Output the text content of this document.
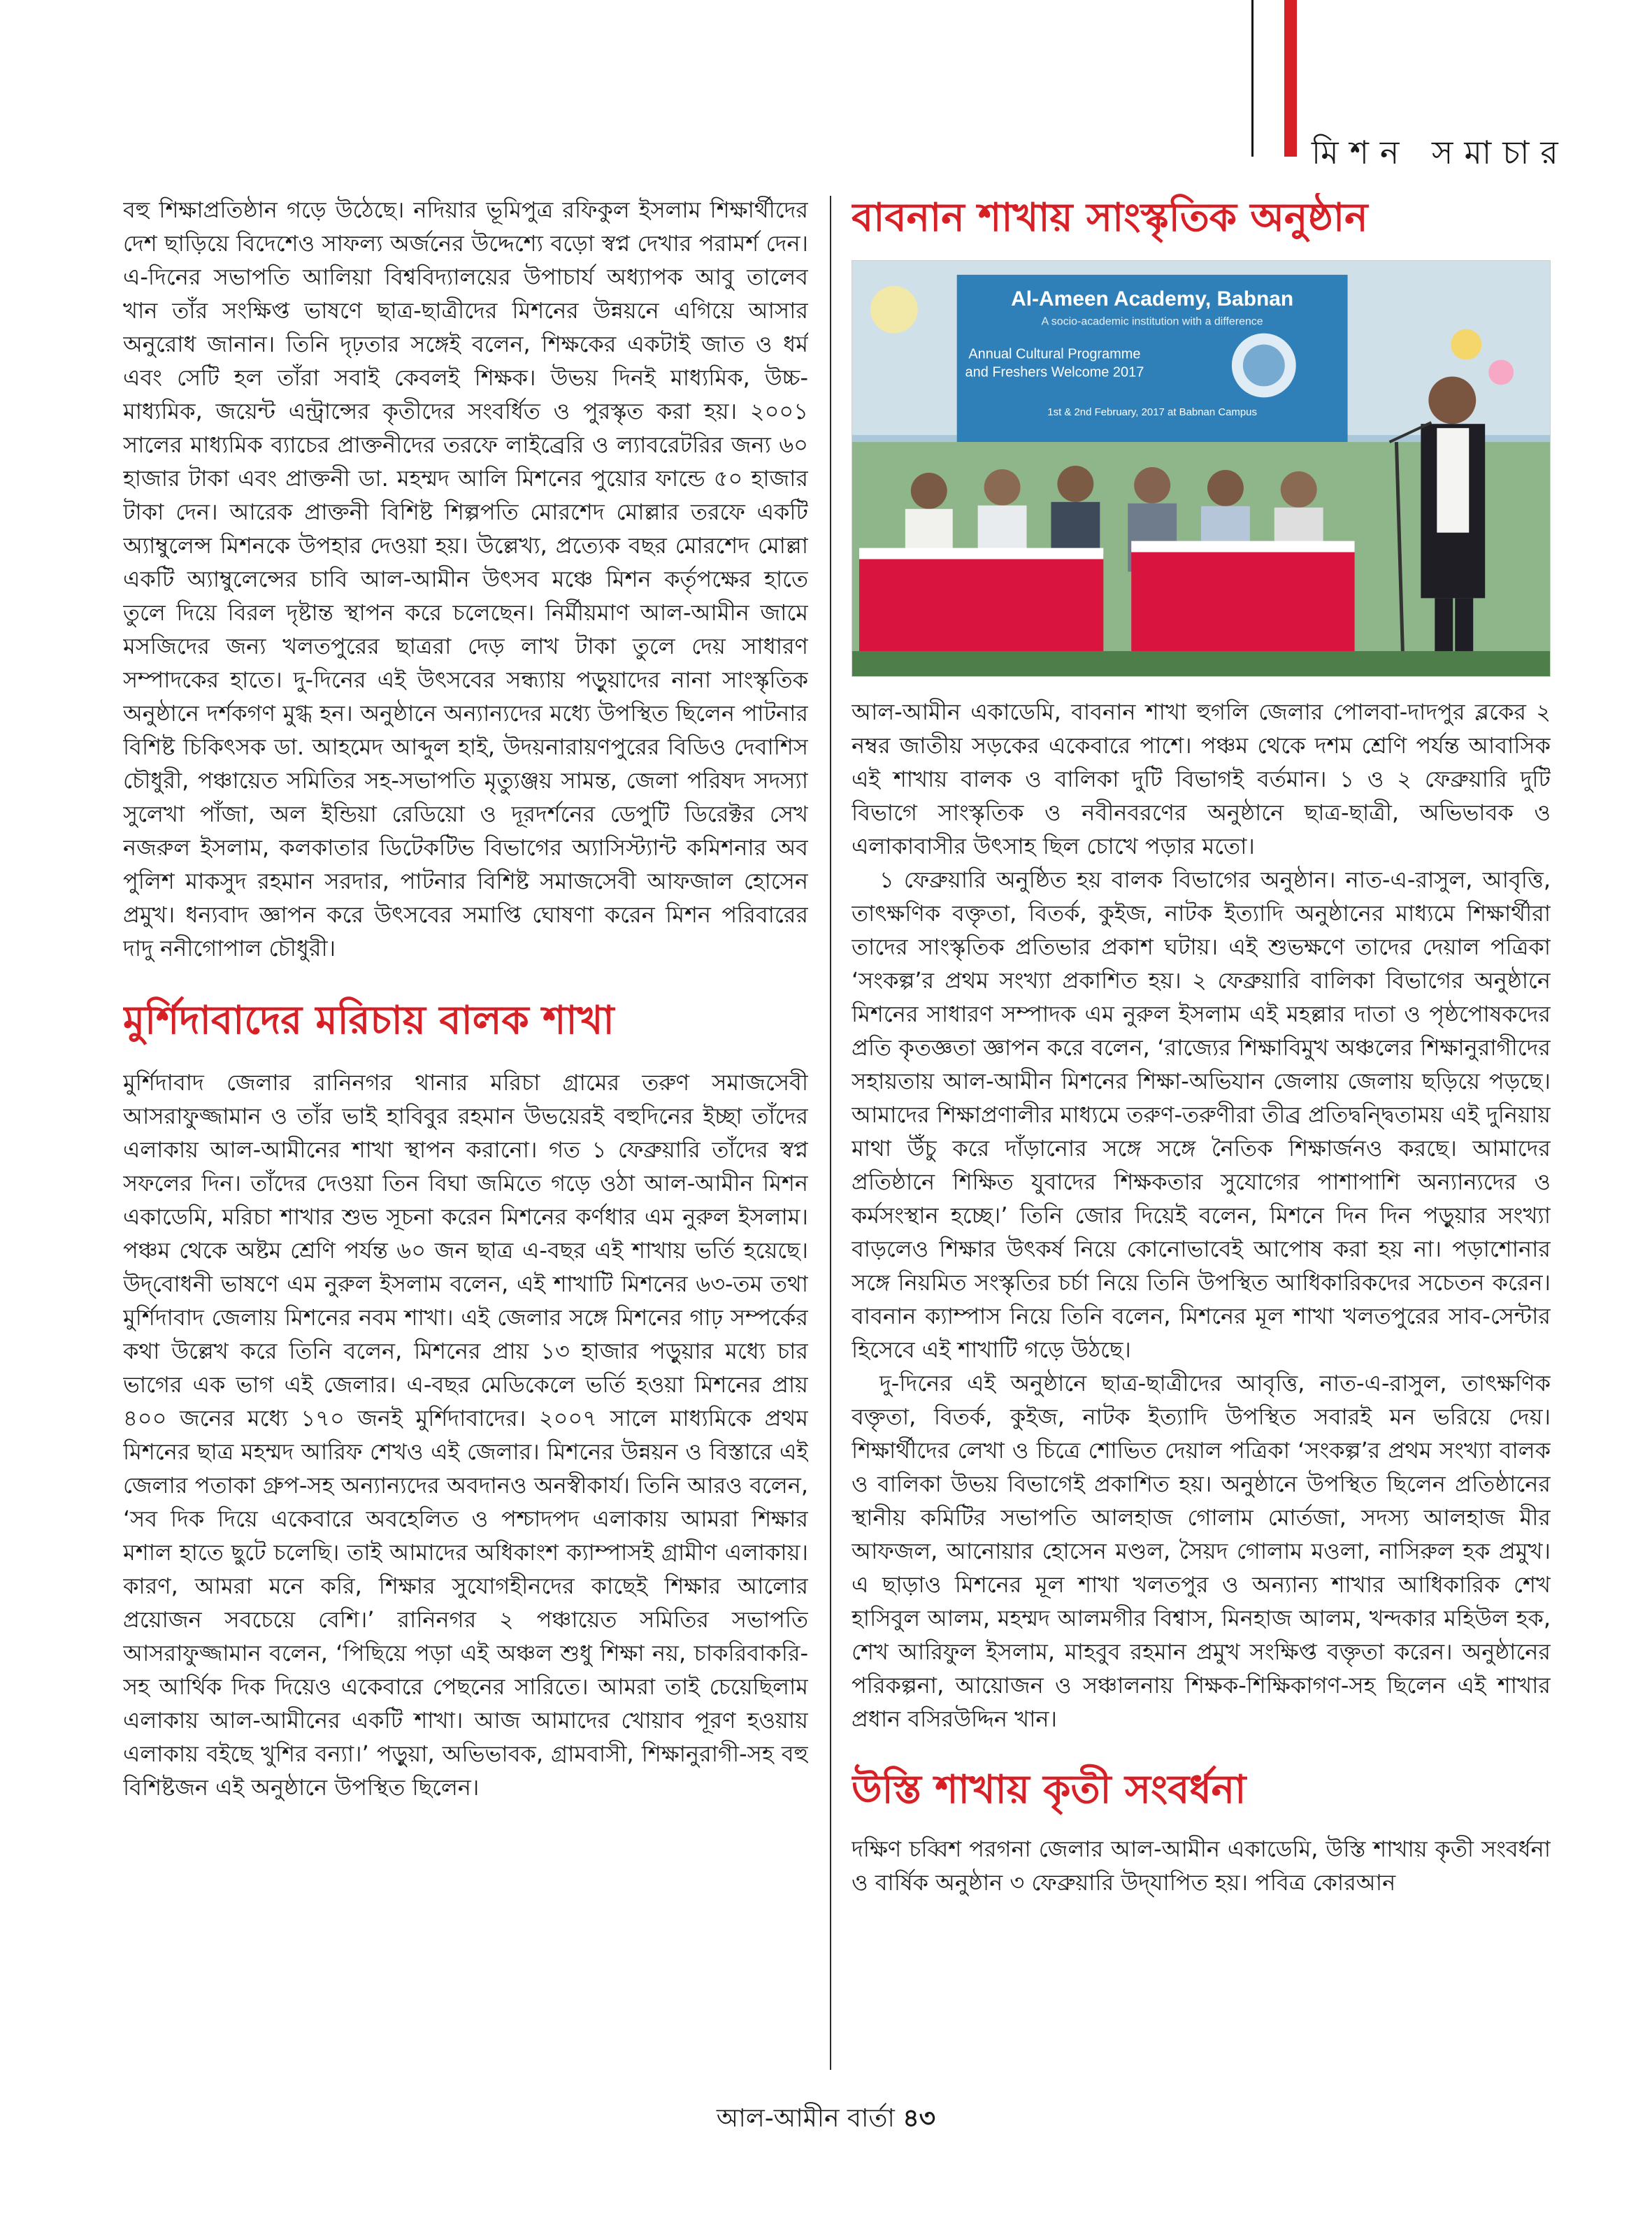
মিশন সমাচার

বহু শিক্ষাপ্রতিষ্ঠান গড়ে উঠেছে। নদিয়ার ভূমিপুত্র রফিকুল ইসলাম শিক্ষার্থীদের দেশ ছাড়িয়ে বিদেশেও সাফল্য অর্জনের উদ্দেশ্যে বড়ো স্বপ্ন দেখার পরামর্শ দেন। এ-দিনের সভাপতি আলিয়া বিশ্ববিদ্যালয়ের উপাচার্য অধ্যাপক আবু তালেব খান তাঁর সংক্ষিপ্ত ভাষণে ছাত্র-ছাত্রীদের মিশনের উন্নয়নে এগিয়ে আসার অনুরোধ জানান। তিনি দৃঢ়তার সঙ্গেই বলেন, শিক্ষকের একটাই জাত ও ধর্ম এবং সেটি হল তাঁরা সবাই কেবলই শিক্ষক। উভয় দিনই মাধ্যমিক, উচ্চ-মাধ্যমিক, জয়েন্ট এন্ট্রান্সের কৃতীদের সংবর্ধিত ও পুরস্কৃত করা হয়। ২০০১ সালের মাধ্যমিক ব্যাচের প্রাক্তনীদের তরফে লাইব্রেরি ও ল্যাবরেটরির জন্য ৬০ হাজার টাকা এবং প্রাক্তনী ডা. মহম্মদ আলি মিশনের পুয়োর ফান্ডে ৫০ হাজার টাকা দেন। আরেক প্রাক্তনী বিশিষ্ট শিল্পপতি মোরশেদ মোল্লার তরফে একটি অ্যাম্বুলেন্স মিশনকে উপহার দেওয়া হয়। উল্লেখ্য, প্রত্যেক বছর মোরশেদ মোল্লা একটি অ্যাম্বুলেন্সের চাবি আল-আমীন উৎসব মঞ্চে মিশন কর্তৃপক্ষের হাতে তুলে দিয়ে বিরল দৃষ্টান্ত স্থাপন করে চলেছেন। নির্মীয়মাণ আল-আমীন জামে মসজিদের জন্য খলতপুরের ছাত্ররা দেড় লাখ টাকা তুলে দেয় সাধারণ সম্পাদকের হাতে। দু-দিনের এই উৎসবের সন্ধ্যায় পড়ুয়াদের নানা সাংস্কৃতিক অনুষ্ঠানে দর্শকগণ মুগ্ধ হন। অনুষ্ঠানে অন্যান্যদের মধ্যে উপস্থিত ছিলেন পাটনার বিশিষ্ট চিকিৎসক ডা. আহমেদ আব্দুল হাই, উদয়নারায়ণপুরের বিডিও দেবাশিস চৌধুরী, পঞ্চায়েত সমিতির সহ-সভাপতি মৃত্যুঞ্জয় সামন্ত, জেলা পরিষদ সদস্যা সুলেখা পাঁজা, অল ইন্ডিয়া রেডিয়ো ও দূরদর্শনের ডেপুটি ডিরেক্টর সেখ নজরুল ইসলাম, কলকাতার ডিটেকটিভ বিভাগের অ্যাসিস্ট্যান্ট কমিশনার অব পুলিশ মাকসুদ রহমান সরদার, পাটনার বিশিষ্ট সমাজসেবী আফজাল হোসেন প্রমুখ। ধন্যবাদ জ্ঞাপন করে উৎসবের সমাপ্তি ঘোষণা করেন মিশন পরিবারের দাদু ননীগোপাল চৌধুরী।

মুর্শিদাবাদের মরিচায় বালক শাখা

মুর্শিদাবাদ জেলার রানিনগর থানার মরিচা গ্রামের তরুণ সমাজসেবী আসরাফুজ্জামান ও তাঁর ভাই হাবিবুর রহমান উভয়েরই বহুদিনের ইচ্ছা তাঁদের এলাকায় আল-আমীনের শাখা স্থাপন করানো। গত ১ ফেব্রুয়ারি তাঁদের স্বপ্ন সফলের দিন। তাঁদের দেওয়া তিন বিঘা জমিতে গড়ে ওঠা আল-আমীন মিশন একাডেমি, মরিচা শাখার শুভ সূচনা করেন মিশনের কর্ণধার এম নুরুল ইসলাম। পঞ্চম থেকে অষ্টম শ্রেণি পর্যন্ত ৬০ জন ছাত্র এ-বছর এই শাখায় ভর্তি হয়েছে। উদ্‌বোধনী ভাষণে এম নুরুল ইসলাম বলেন, এই শাখাটি মিশনের ৬৩-তম তথা মুর্শিদাবাদ জেলায় মিশনের নবম শাখা। এই জেলার সঙ্গে মিশনের গাঢ় সম্পর্কের কথা উল্লেখ করে তিনি বলেন, মিশনের প্রায় ১৩ হাজার পড়ুয়ার মধ্যে চার ভাগের এক ভাগ এই জেলার। এ-বছর মেডিকেলে ভর্তি হওয়া মিশনের প্রায় ৪০০ জনের মধ্যে ১৭০ জনই মুর্শিদাবাদের। ২০০৭ সালে মাধ্যমিকে প্রথম মিশনের ছাত্র মহম্মদ আরিফ শেখও এই জেলার। মিশনের উন্নয়ন ও বিস্তারে এই জেলার পতাকা গ্রুপ-সহ অন্যান্যদের অবদানও অনস্বীকার্য। তিনি আরও বলেন, ‘সব দিক দিয়ে একেবারে অবহেলিত ও পশ্চাদপদ এলাকায় আমরা শিক্ষার মশাল হাতে ছুটে চলেছি। তাই আমাদের অধিকাংশ ক্যাম্পাসই গ্রামীণ এলাকায়। কারণ, আমরা মনে করি, শিক্ষার সুযোগহীনদের কাছেই শিক্ষার আলোর প্রয়োজন সবচেয়ে বেশি।’ রানিনগর ২ পঞ্চায়েত সমিতির সভাপতি আসরাফুজ্জামান বলেন, ‘পিছিয়ে পড়া এই অঞ্চল শুধু শিক্ষা নয়, চাকরিবাকরি-সহ আর্থিক দিক দিয়েও একেবারে পেছনের সারিতে। আমরা তাই চেয়েছিলাম এলাকায় আল-আমীনের একটি শাখা। আজ আমাদের খোয়াব পূরণ হওয়ায় এলাকায় বইছে খুশির বন্যা।’ পড়ুয়া, অভিভাবক, গ্রামবাসী, শিক্ষানুরাগী-সহ বহু বিশিষ্টজন এই অনুষ্ঠানে উপস্থিত ছিলেন।

বাবনান শাখায় সাংস্কৃতিক অনুষ্ঠান
Al-Ameen Academy, Babnan
A socio-academic institution with a difference
Annual Cultural Programme
and Freshers Welcome 2017
1st & 2nd February, 2017 at Babnan Campus

আল-আমীন একাডেমি, বাবনান শাখা হুগলি জেলার পোলবা-দাদপুর ব্লকের ২ নম্বর জাতীয় সড়কের একেবারে পাশে। পঞ্চম থেকে দশম শ্রেণি পর্যন্ত আবাসিক এই শাখায় বালক ও বালিকা দুটি বিভাগই বর্তমান। ১ ও ২ ফেব্রুয়ারি দুটি বিভাগে সাংস্কৃতিক ও নবীনবরণের অনুষ্ঠানে ছাত্র-ছাত্রী, অভিভাবক ও এলাকাবাসীর উৎসাহ ছিল চোখে পড়ার মতো।

১ ফেব্রুয়ারি অনুষ্ঠিত হয় বালক বিভাগের অনুষ্ঠান। নাত-এ-রাসুল, আবৃত্তি, তাৎক্ষণিক বক্তৃতা, বিতর্ক, কুইজ, নাটক ইত্যাদি অনুষ্ঠানের মাধ্যমে শিক্ষার্থীরা তাদের সাংস্কৃতিক প্রতিভার প্রকাশ ঘটায়। এই শুভক্ষণে তাদের দেয়াল পত্রিকা ‘সংকল্প’র প্রথম সংখ্যা প্রকাশিত হয়। ২ ফেব্রুয়ারি বালিকা বিভাগের অনুষ্ঠানে মিশনের সাধারণ সম্পাদক এম নুরুল ইসলাম এই মহল্লার দাতা ও পৃষ্ঠপোষকদের প্রতি কৃতজ্ঞতা জ্ঞাপন করে বলেন, ‘রাজ্যের শিক্ষাবিমুখ অঞ্চলের শিক্ষানুরাগীদের সহায়তায় আল-আমীন মিশনের শিক্ষা-অভিযান জেলায় জেলায় ছড়িয়ে পড়ছে। আমাদের শিক্ষাপ্রণালীর মাধ্যমে তরুণ-তরুণীরা তীব্র প্রতিদ্বন্দ্বিতাময় এই দুনিয়ায় মাথা উঁচু করে দাঁড়ানোর সঙ্গে সঙ্গে নৈতিক শিক্ষার্জনও করছে। আমাদের প্রতিষ্ঠানে শিক্ষিত যুবাদের শিক্ষকতার সুযোগের পাশাপাশি অন্যান্যদের ও কর্মসংস্থান হচ্ছে।’ তিনি জোর দিয়েই বলেন, মিশনে দিন দিন পড়ুয়ার সংখ্যা বাড়লেও শিক্ষার উৎকর্ষ নিয়ে কোনোভাবেই আপোষ করা হয় না। পড়াশোনার সঙ্গে নিয়মিত সংস্কৃতির চর্চা নিয়ে তিনি উপস্থিত আধিকারিকদের সচেতন করেন। বাবনান ক্যাম্পাস নিয়ে তিনি বলেন, মিশনের মূল শাখা খলতপুরের সাব-সেন্টার হিসেবে এই শাখাটি গড়ে উঠছে।

দু-দিনের এই অনুষ্ঠানে ছাত্র-ছাত্রীদের আবৃত্তি, নাত-এ-রাসুল, তাৎক্ষণিক বক্তৃতা, বিতর্ক, কুইজ, নাটক ইত্যাদি উপস্থিত সবারই মন ভরিয়ে দেয়। শিক্ষার্থীদের লেখা ও চিত্রে শোভিত দেয়াল পত্রিকা ‘সংকল্প’র প্রথম সংখ্যা বালক ও বালিকা উভয় বিভাগেই প্রকাশিত হয়। অনুষ্ঠানে উপস্থিত ছিলেন প্রতিষ্ঠানের স্থানীয় কমিটির সভাপতি আলহাজ গোলাম মোর্তজা, সদস্য আলহাজ মীর আফজল, আনোয়ার হোসেন মণ্ডল, সৈয়দ গোলাম মওলা, নাসিরুল হক প্রমুখ। এ ছাড়াও মিশনের মূল শাখা খলতপুর ও অন্যান্য শাখার আধিকারিক শেখ হাসিবুল আলম, মহম্মদ আলমগীর বিশ্বাস, মিনহাজ আলম, খন্দকার মহিউল হক, শেখ আরিফুল ইসলাম, মাহবুব রহমান প্রমুখ সংক্ষিপ্ত বক্তৃতা করেন। অনুষ্ঠানের পরিকল্পনা, আয়োজন ও সঞ্চালনায় শিক্ষক-শিক্ষিকাগণ-সহ ছিলেন এই শাখার প্রধান বসিরউদ্দিন খান।

উস্তি শাখায় কৃতী সংবর্ধনা

দক্ষিণ চব্বিশ পরগনা জেলার আল-আমীন একাডেমি, উস্তি শাখায় কৃতী সংবর্ধনা ও বার্ষিক অনুষ্ঠান ৩ ফেব্রুয়ারি উদ্‌যাপিত হয়। পবিত্র কোরআন

আল-আমীন বার্তা ৪৩
